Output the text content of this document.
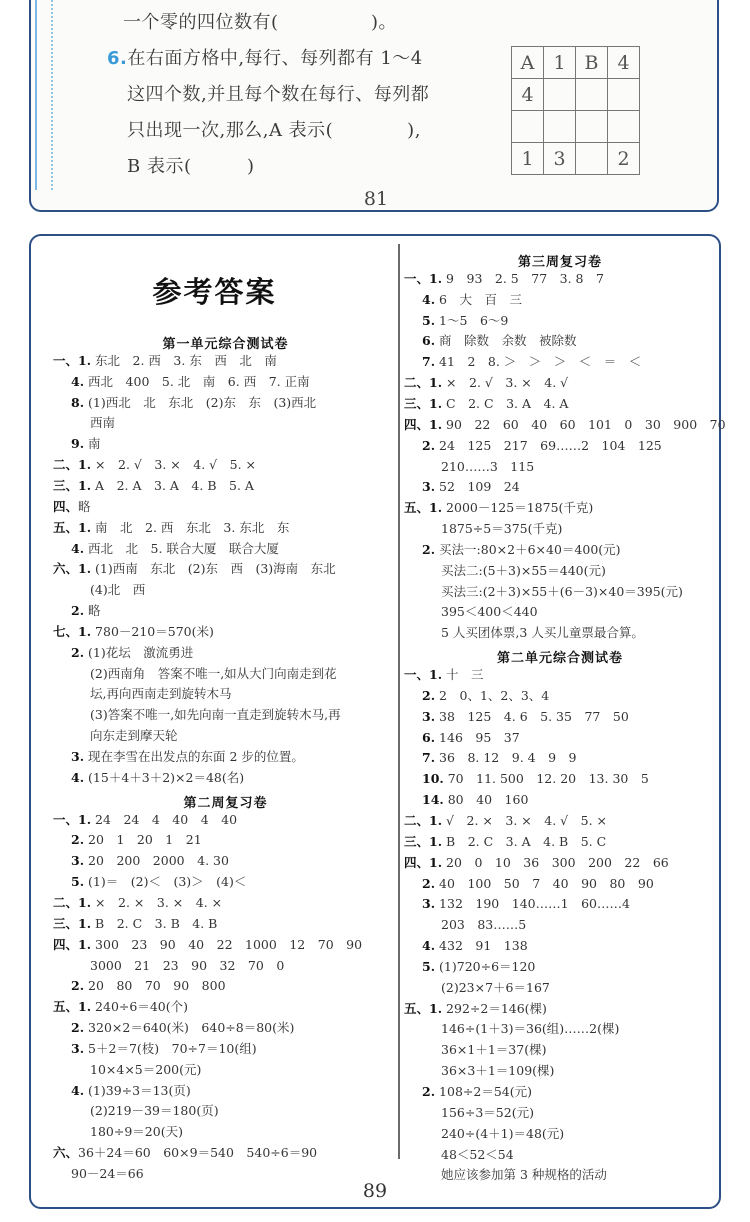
一个零的四位数有(　　　　　)。
6.在右面方格中,每行、每列都有 1～4
这四个数,并且每个数在每行、每列都
只出现一次,那么,A 表示(　　　　),
B 表示(　　　)
A	1	B	4
4			

1	3		2
81
参考答案
第一单元综合测试卷
一、1. 东北　2. 西　3. 东　西　北　南
4. 西北　400　5. 北　南　6. 西　7. 正南
8. (1)西北　北　东北　(2)东　东　(3)西北
西南
9. 南
二、1. ×　2. √　3. ×　4. √　5. ×
三、1. A　2. A　3. A　4. B　5. A
四、略
五、1. 南　北　2. 西　东北　3. 东北　东
4. 西北　北　5. 联合大厦　联合大厦
六、1. (1)西南　东北　(2)东　西　(3)海南　东北
(4)北　西
2. 略
七、1. 780－210＝570(米)
2. (1)花坛　激流勇进
(2)西南角　答案不唯一,如从大门向南走到花
坛,再向西南走到旋转木马
(3)答案不唯一,如先向南一直走到旋转木马,再
向东走到摩天轮
3. 现在李雪在出发点的东面 2 步的位置。
4. (15＋4＋3＋2)×2＝48(名)
第二周复习卷
一、1. 24　24　4　40　4　40
2. 20　1　20　1　21
3. 20　200　2000　4. 30
5. (1)＝　(2)＜　(3)＞　(4)＜
二、1. ×　2. ×　3. ×　4. ×
三、1. B　2. C　3. B　4. B
四、1. 300　23　90　40　22　1000　12　70　90
3000　21　23　90　32　70　0
2. 20　80　70　90　800
五、1. 240÷6＝40(个)
2. 320×2＝640(米)　640÷8＝80(米)
3. 5＋2＝7(枝)　70÷7＝10(组)
10×4×5＝200(元)
4. (1)39÷3＝13(页)
(2)219－39＝180(页)
180÷9＝20(天)
六、36＋24＝60　60×9＝540　540÷6＝90
90－24＝66
第三周复习卷
一、1. 9　93　2. 5　77　3. 8　7
4. 6　大　百　三
5. 1～5　6～9
6. 商　除数　余数　被除数
7. 41　2　8. ＞　＞　＞　＜　＝　＜
二、1. ×　2. √　3. ×　4. √
三、1. C　2. C　3. A　4. A
四、1. 90　22　60　40　60　101　0　30　900　70
2. 24　125　217　69……2　104　125
210……3　115
3. 52　109　24
五、1. 2000－125＝1875(千克)
1875÷5＝375(千克)
2. 买法一:80×2＋6×40＝400(元)
买法二:(5＋3)×55＝440(元)
买法三:(2＋3)×55＋(6－3)×40＝395(元)
395＜400＜440
5 人买团体票,3 人买儿童票最合算。
第二单元综合测试卷
一、1. 十　三
2. 2　0、1、2、3、4
3. 38　125　4. 6　5. 35　77　50
6. 146　95　37
7. 36　8. 12　9. 4　9　9
10. 70　11. 500　12. 20　13. 30　5
14. 80　40　160
二、1. √　2. ×　3. ×　4. √　5. ×
三、1. B　2. C　3. A　4. B　5. C
四、1. 20　0　10　36　300　200　22　66
2. 40　100　50　7　40　90　80　90
3. 132　190　140……1　60……4
203　83……5
4. 432　91　138
5. (1)720÷6＝120
(2)23×7＋6＝167
五、1. 292÷2＝146(棵)
146÷(1＋3)＝36(组)……2(棵)
36×1＋1＝37(棵)
36×3＋1＝109(棵)
2. 108÷2＝54(元)
156÷3＝52(元)
240÷(4＋1)＝48(元)
48＜52＜54
她应该参加第 3 种规格的活动
89
